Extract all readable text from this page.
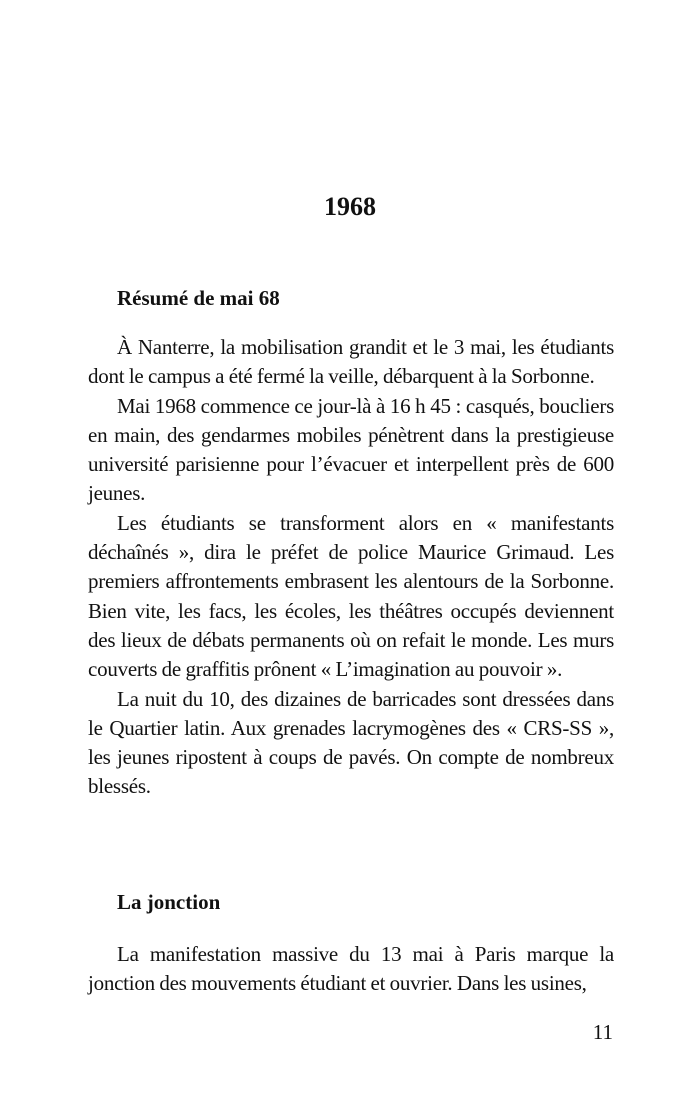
1968
Résumé de mai 68

À Nanterre, la mobilisation grandit et le 3 mai, les étudiants dont le campus a été fermé la veille, débarquent à la Sorbonne.

Mai 1968 commence ce jour-là à 16 h 45 : casqués, boucliers en main, des gendarmes mobiles pénètrent dans la prestigieuse université parisienne pour l’évacuer et interpellent près de 600 jeunes.

Les étudiants se transforment alors en « manifestants déchaînés », dira le préfet de police Maurice Grimaud. Les premiers affrontements embrasent les alentours de la Sorbonne. Bien vite, les facs, les écoles, les théâtres occupés deviennent des lieux de débats permanents où on refait le monde. Les murs couverts de graffitis prônent « L’imagination au pouvoir ».

La nuit du 10, des dizaines de barricades sont dressées dans le Quartier latin. Aux grenades lacrymogènes des « CRS-SS », les jeunes ripostent à coups de pavés. On compte de nombreux blessés.

La jonction

La manifestation massive du 13 mai à Paris marque la jonction des mouvements étudiant et ouvrier. Dans les usines,

11
